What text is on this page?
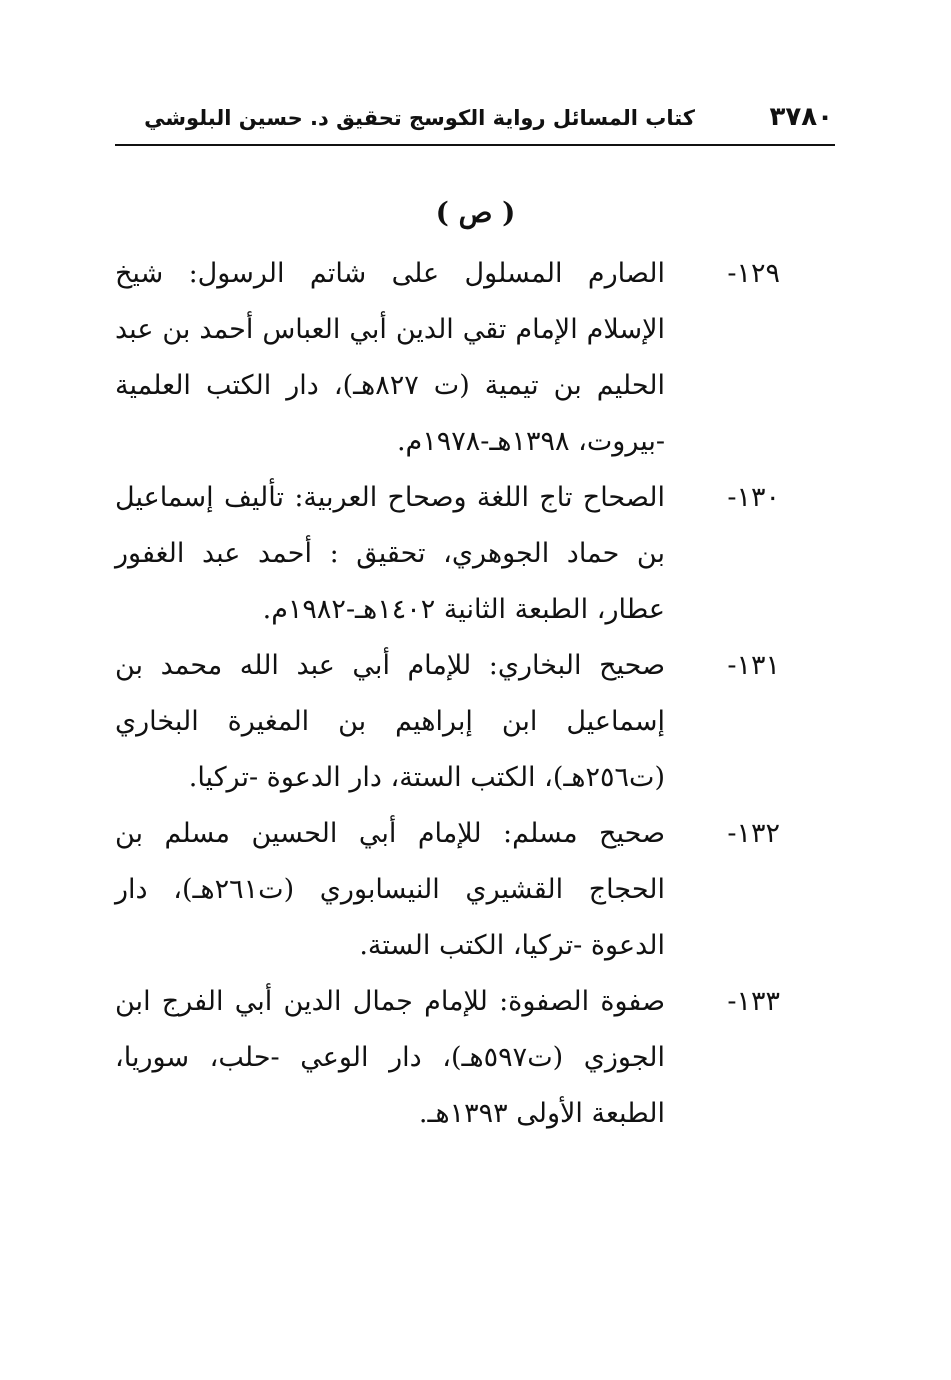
٣٧٨٠
كتاب المسائل رواية الكوسج تحقيق د. حسين البلوشي
( ص )
١٢٩-
الصارم المسلول على شاتم الرسول: شيخ الإسلام الإمام تقي الدين أبي العباس أحمد بن عبد الحليم بن تيمية (ت ٨٢٧هـ)، دار الكتب العلمية -بيروت، ١٣٩٨هـ-١٩٧٨م.
١٣٠-
الصحاح تاج اللغة وصحاح العربية: تأليف إسماعيل بن حماد الجوهري، تحقيق : أحمد عبد الغفور عطار، الطبعة الثانية ١٤٠٢هـ-١٩٨٢م.
١٣١-
صحيح البخاري: للإمام أبي عبد الله محمد بن إسماعيل ابن إبراهيم بن المغيرة البخاري (ت٢٥٦هـ)، الكتب الستة، دار الدعوة -تركيا.
١٣٢-
صحيح مسلم: للإمام أبي الحسين مسلم بن الحجاج القشيري النيسابوري (ت٢٦١هـ)، دار الدعوة -تركيا، الكتب الستة.
١٣٣-
صفوة الصفوة: للإمام جمال الدين أبي الفرج ابن الجوزي (ت٥٩٧هـ)، دار الوعي -حلب، سوريا، الطبعة الأولى ١٣٩٣هـ.
